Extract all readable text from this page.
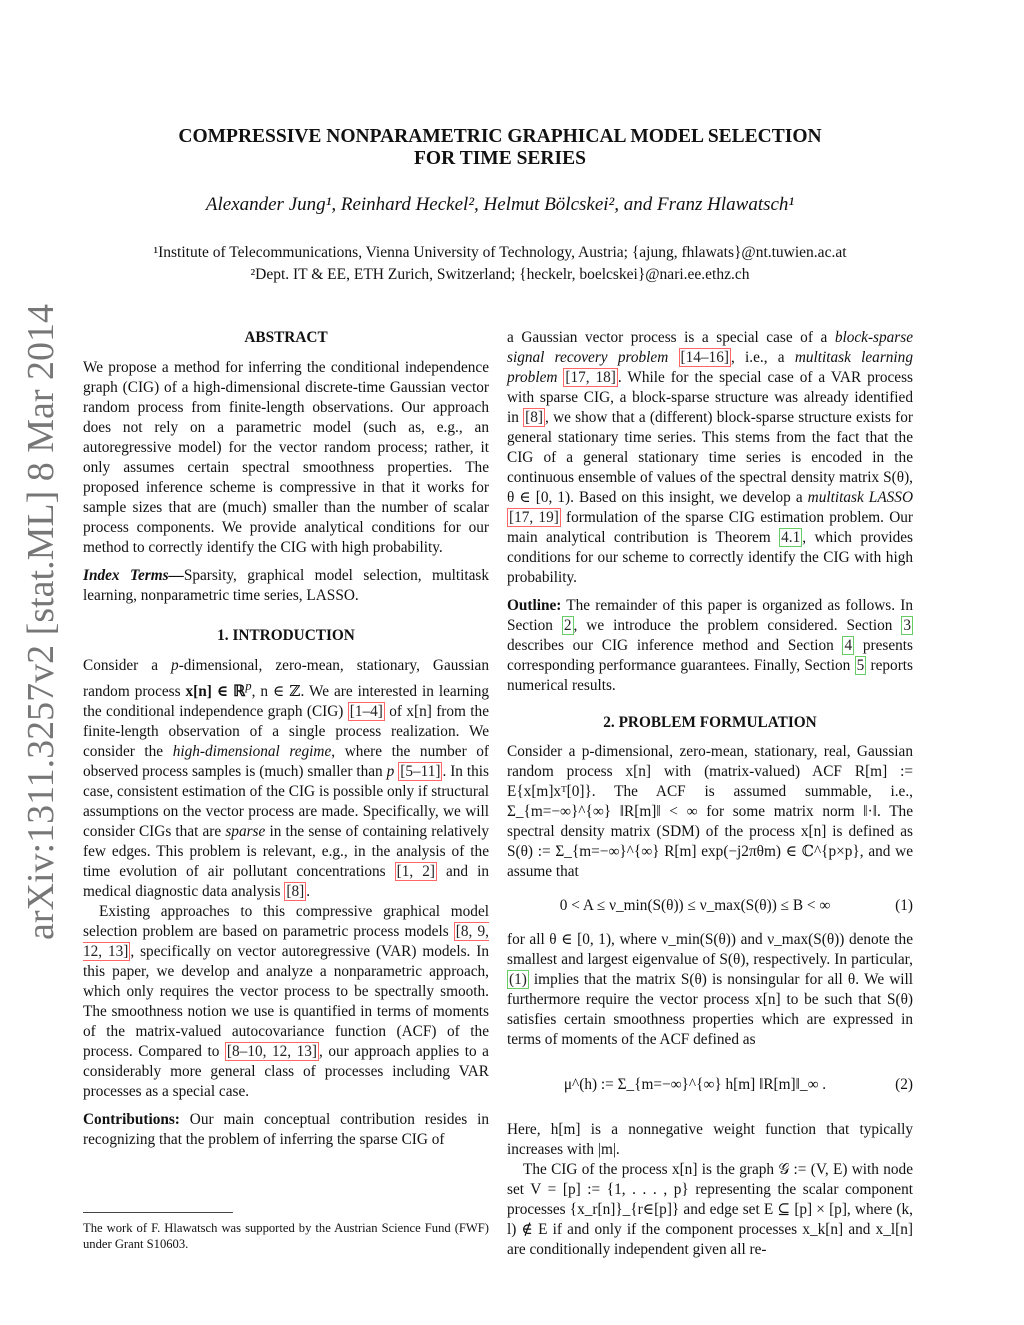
arXiv:1311.3257v2 [stat.ML] 8 Mar 2014
COMPRESSIVE NONPARAMETRIC GRAPHICAL MODEL SELECTION
FOR TIME SERIES
Alexander Jung¹, Reinhard Heckel², Helmut Bölcskei², and Franz Hlawatsch¹
¹Institute of Telecommunications, Vienna University of Technology, Austria; {ajung, fhlawats}@nt.tuwien.ac.at
²Dept. IT & EE, ETH Zurich, Switzerland; {heckelr, boelcskei}@nari.ee.ethz.ch
ABSTRACT

We propose a method for inferring the conditional independence graph (CIG) of a high-dimensional discrete-time Gaussian vector random process from finite-length observations. Our approach does not rely on a parametric model (such as, e.g., an autoregressive model) for the vector random process; rather, it only assumes certain spectral smoothness properties. The proposed inference scheme is compressive in that it works for sample sizes that are (much) smaller than the number of scalar process components. We provide analytical conditions for our method to correctly identify the CIG with high probability.

Index Terms—Sparsity, graphical model selection, multitask learning, nonparametric time series, LASSO.

1. INTRODUCTION

Consider a p-dimensional, zero-mean, stationary, Gaussian random process x[n] ∈ ℝ$^p$, n ∈ ℤ. We are interested in learning the conditional independence graph (CIG) [1–4] of x[n] from the finite-length observation of a single process realization. We consider the high-dimensional regime, where the number of observed process samples is (much) smaller than p [5–11] . In this case, consistent estimation of the CIG is possible only if structural assumptions on the vector process are made. Specifically, we will consider CIGs that are sparse in the sense of containing relatively few edges. This problem is relevant, e.g., in the analysis of the time evolution of air pollutant concentrations [1, 2] and in medical diagnostic data analysis [8] .

Existing approaches to this compressive graphical model selection problem are based on parametric process models [8, 9, 12, 13] , specifically on vector autoregressive (VAR) models. In this paper, we develop and analyze a nonparametric approach, which only requires the vector process to be spectrally smooth. The smoothness notion we use is quantified in terms of moments of the matrix-valued autocovariance function (ACF) of the process. Compared to [8–10, 12, 13] , our approach applies to a considerably more general class of processes including VAR processes as a special case.

Contributions: Our main conceptual contribution resides in recognizing that the problem of inferring the sparse CIG of

a Gaussian vector process is a special case of a block-sparse signal recovery problem [14–16] , i.e., a multitask learning problem [17, 18] . While for the special case of a VAR process with sparse CIG, a block-sparse structure was already identified in [8] , we show that a (different) block-sparse structure exists for general stationary time series. This stems from the fact that the CIG of a general stationary time series is encoded in the continuous ensemble of values of the spectral density matrix S(θ), θ ∈ [0, 1). Based on this insight, we develop a multitask LASSO [17, 19] formulation of the sparse CIG estimation problem. Our main analytical contribution is Theorem 4.1 , which provides conditions for our scheme to correctly identify the CIG with high probability.

Outline: The remainder of this paper is organized as follows. In Section 2 , we introduce the problem considered. Section 3 describes our CIG inference method and Section 4 presents corresponding performance guarantees. Finally, Section 5 reports numerical results.

2. PROBLEM FORMULATION

Consider a p-dimensional, zero-mean, stationary, real, Gaussian random process x[n] with (matrix-valued) ACF R[m] := E{x[m]xᵀ[0]}. The ACF is assumed summable, i.e., Σ_{m=−∞}^{∞} ‖R[m]‖ < ∞ for some matrix norm ‖·‖. The spectral density matrix (SDM) of the process x[n] is defined as S(θ) := Σ_{m=−∞}^{∞} R[m] exp(−j2πθm) ∈ ℂ^{p×p}, and we assume that

0 < A ≤ ν_min(S(θ)) ≤ ν_max(S(θ)) ≤ B < ∞	(1)

for all θ ∈ [0, 1), where ν_min(S(θ)) and ν_max(S(θ)) denote the smallest and largest eigenvalue of S(θ), respectively. In particular, (1) implies that the matrix S(θ) is nonsingular for all θ. We will furthermore require the vector process x[n] to be such that S(θ) satisfies certain smoothness properties which are expressed in terms of moments of the ACF defined as

μ^(h) := Σ_{m=−∞}^{∞} h[m] ‖R[m]‖_∞ .	(2)

Here, h[m] is a nonnegative weight function that typically increases with |m|.

The CIG of the process x[n] is the graph 𝒢 := (V, E) with node set V = [p] := {1, . . . , p} representing the scalar component processes {x_r[n]}_{r∈[p]} and edge set E ⊆ [p] × [p], where (k, l) ∉ E if and only if the component processes x_k[n] and x_l[n] are conditionally independent given all re-

The work of F. Hlawatsch was supported by the Austrian Science Fund (FWF) under Grant S10603.
